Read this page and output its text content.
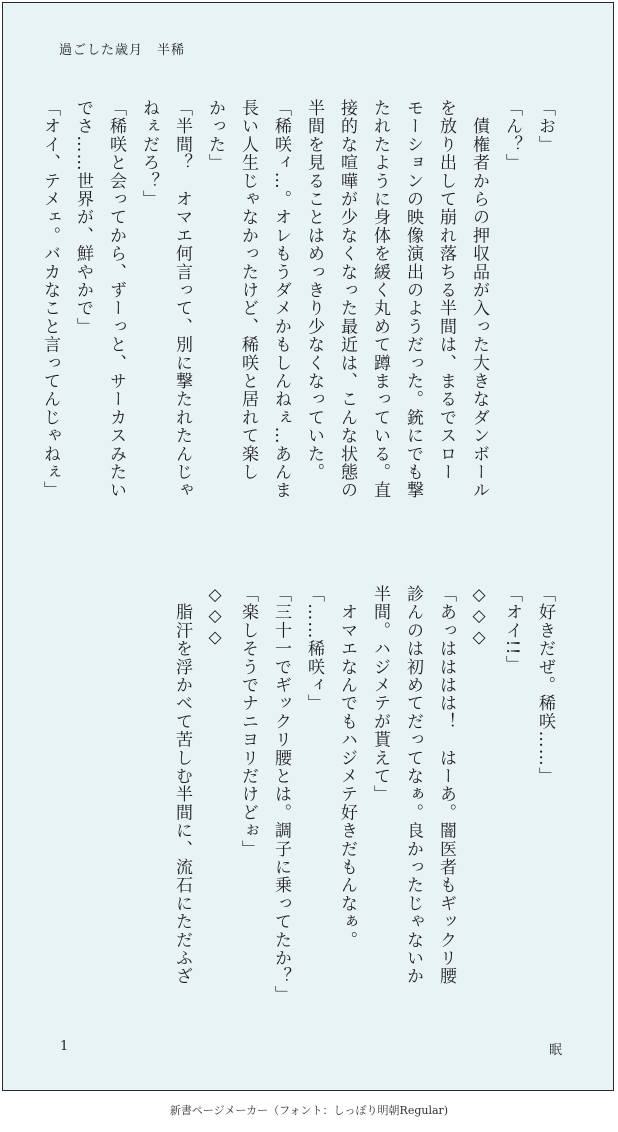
過ごした歳月　半稀
「お」
「ん？」
　債権者からの押収品が入った大きなダンボール
を放り出して崩れ落ちる半間は、まるでスロー
モーションの映像演出のようだった。銃にでも撃
たれたように身体を緩く丸めて蹲まっている。直
接的な喧嘩が少なくなった最近は、こんな状態の
半間を見ることはめっきり少なくなっていた。
「稀咲ィ…。オレもうダメかもしんねぇ…あんま
長い人生じゃなかったけど、稀咲と居れて楽し
かった」
「半間？　オマエ何言って、別に撃たれたんじゃ
ねぇだろ？」
「稀咲と会ってから、ずーっと、サーカスみたい
でさ……世界が、鮮やかで」
「オイ、テメェ。バカなこと言ってんじゃねぇ」
「好きだぜ。稀咲……」
「オイ!!」
◇◇◇
「あっはははは！　はーあ。闇医者もギックリ腰
診んのは初めてだってなぁ。良かったじゃないか
半間。ハジメテが貰えて」
　オマエなんでもハジメテ好きだもんなぁ。
「……稀咲ィ」
「三十一でギックリ腰とは。調子に乗ってたか？」
「楽しそうでナニヨリだけどぉ」
◇◇◇
　脂汗を浮かべて苦しむ半間に、流石にただふざ
1	眠
新書ページメーカー（フォント：しっぽり明朝Regular)
